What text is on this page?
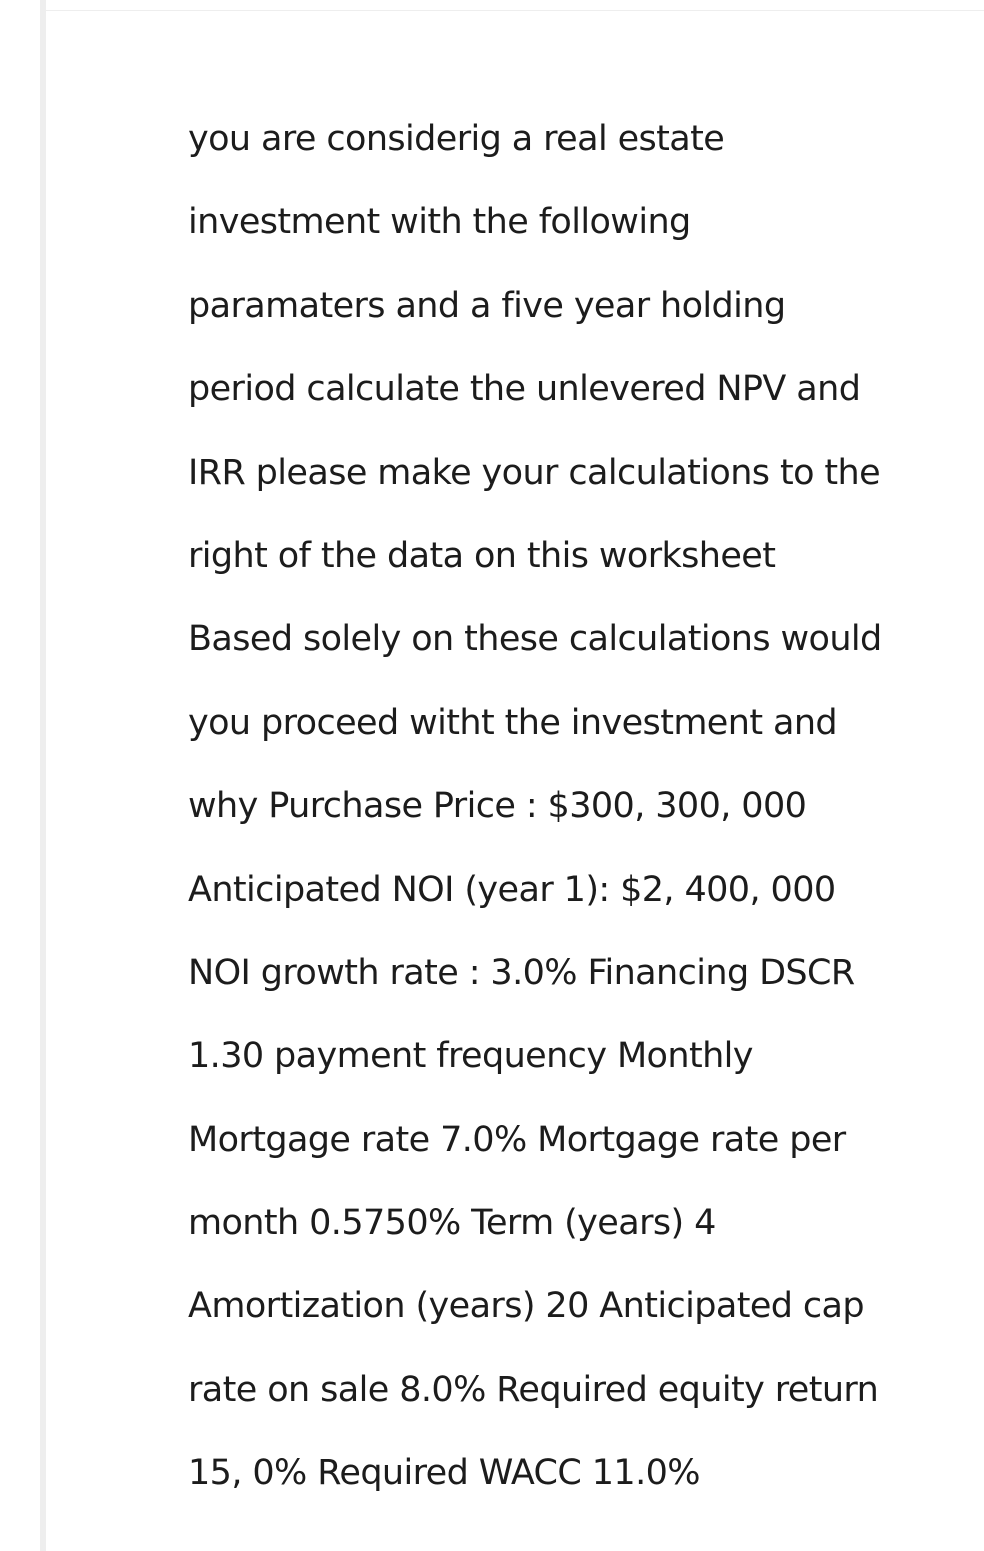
you are considerig a real estate
investment with the following
paramaters and a five year holding
period calculate the unlevered NPV and
IRR please make your calculations to the
right of the data on this worksheet
Based solely on these calculations would
you proceed witht the investment and
why Purchase Price : $300, 300, 000
Anticipated NOI (year 1): $2, 400, 000
NOI growth rate : 3.0% Financing DSCR
1.30 payment frequency Monthly
Mortgage rate 7.0% Mortgage rate per
month 0.5750% Term (years) 4
Amortization (years) 20 Anticipated cap
rate on sale 8.0% Required equity return
15, 0% Required WACC 11.0%
